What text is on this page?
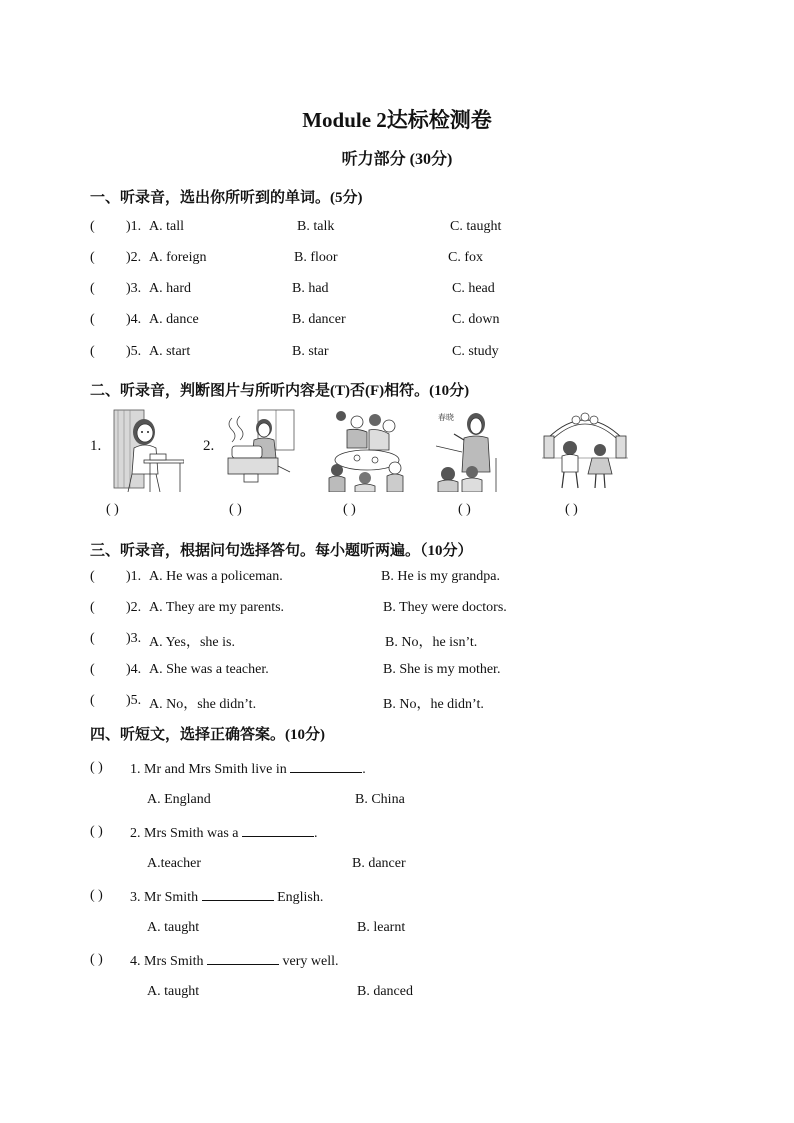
Module 2达标检测卷
听力部分 (30分)
一、听录音，选出你所听到的单词。(5分)
( )1. A. tall	B. talk	C. taught
( )2. A. foreign	B. floor	C. fox
( )3. A. hard	B. had	C. head
( )4. A. dance	B. dancer	C. down
( )5. A. start	B. star	C. study
二、听录音，判断图片与所听内容是(T)否(F)相符。(10分)
1.	2.
春晓
( )	( )	( )	( )	( )
三、听录音，根据问句选择答句。每小题听两遍。（10分）
( )1. A. He was a policeman.	B. He is my grandpa.
( )2. A. They are my parents.	B. They were doctors.
( )3. A. Yes，she is.	B. No，he isn’t.
( )4. A. She was a teacher.	B. She is my mother.
( )5. A. No，she didn’t.	B. No，he didn’t.
四、听短文，选择正确答案。(10分)
( ) 1. Mr and Mrs Smith live in	.
A. England	B. China
( ) 2. Mrs Smith was a	.
A.teacher	B. dancer
( ) 3. Mr Smith	English.
A. taught	B. learnt
( ) 4. Mrs Smith	very well.
A. taught	B. danced
